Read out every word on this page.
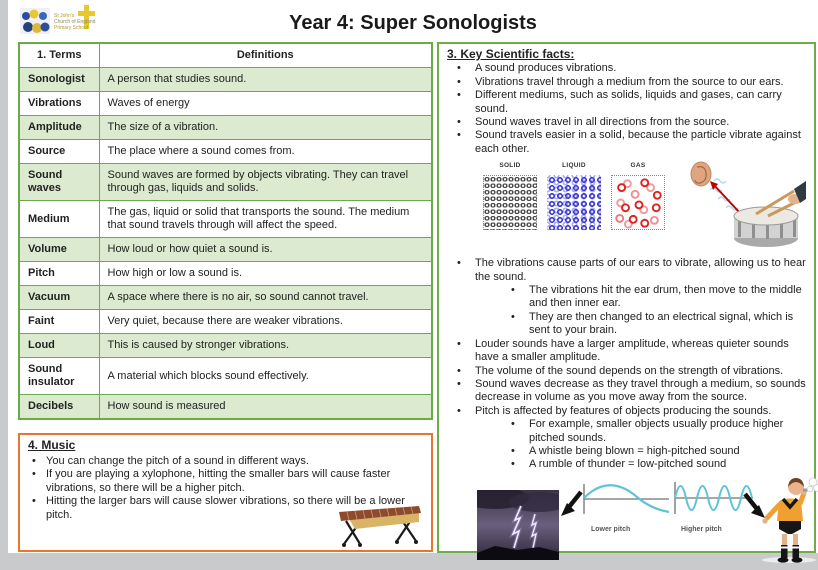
St John's
Church of England
Primary School	Year 4: Super Sonologists
1. Terms	Definitions
Sonologist	A person that studies sound.
Vibrations	Waves of energy
Amplitude	The size of a vibration.
Source	The place where a sound comes from.
Sound waves	Sound waves are formed by objects vibrating. They can travel through gas, liquids and solids.
Medium	The gas, liquid or solid that transports the sound. The medium that sound travels through will affect the speed.
Volume	How loud or how quiet a sound is.
Pitch	How high or low a sound is.
Vacuum	A space where there is no air, so sound cannot travel.
Faint	Very quiet, because there are weaker vibrations.
Loud	This is caused by stronger vibrations.
Sound insulator	A material which blocks sound effectively.
Decibels	How sound is measured
4. Music
• You can change the pitch of a sound in different ways.
• If you are playing a xylophone, hitting the smaller bars will cause faster vibrations, so there will be a higher pitch.
• Hitting the larger bars will cause slower vibrations, so there will be a lower pitch.
3. Key Scientific facts:
•	A sound produces vibrations.
•	Vibrations travel through a medium from the source to our ears.
•	Different mediums, such as solids, liquids and gases, can carry sound.
•	Sound waves travel in all directions from the source.
•	Sound travels easier in a solid, because the particle vibrate against each other.
SOLID	LIQUID	GAS
•	The vibrations cause parts of our ears to vibrate, allowing us to hear the sound.
•	The vibrations hit the ear drum, then move to the middle and then inner ear.
•	They are then changed to an electrical signal, which is sent to your brain.
•	Louder sounds have a larger amplitude, whereas quieter sounds have a smaller amplitude.
•	The volume of the sound depends on the strength of vibrations.
•	Sound waves decrease as they travel through a medium, so sounds decrease in volume as you move away from the source.
•	Pitch is affected by features of objects producing the sounds.
•	For example, smaller objects usually produce higher pitched sounds.
•	A whistle being blown = high-pitched sound
•	A rumble of thunder = low-pitched sound
Lower pitch	Higher pitch
